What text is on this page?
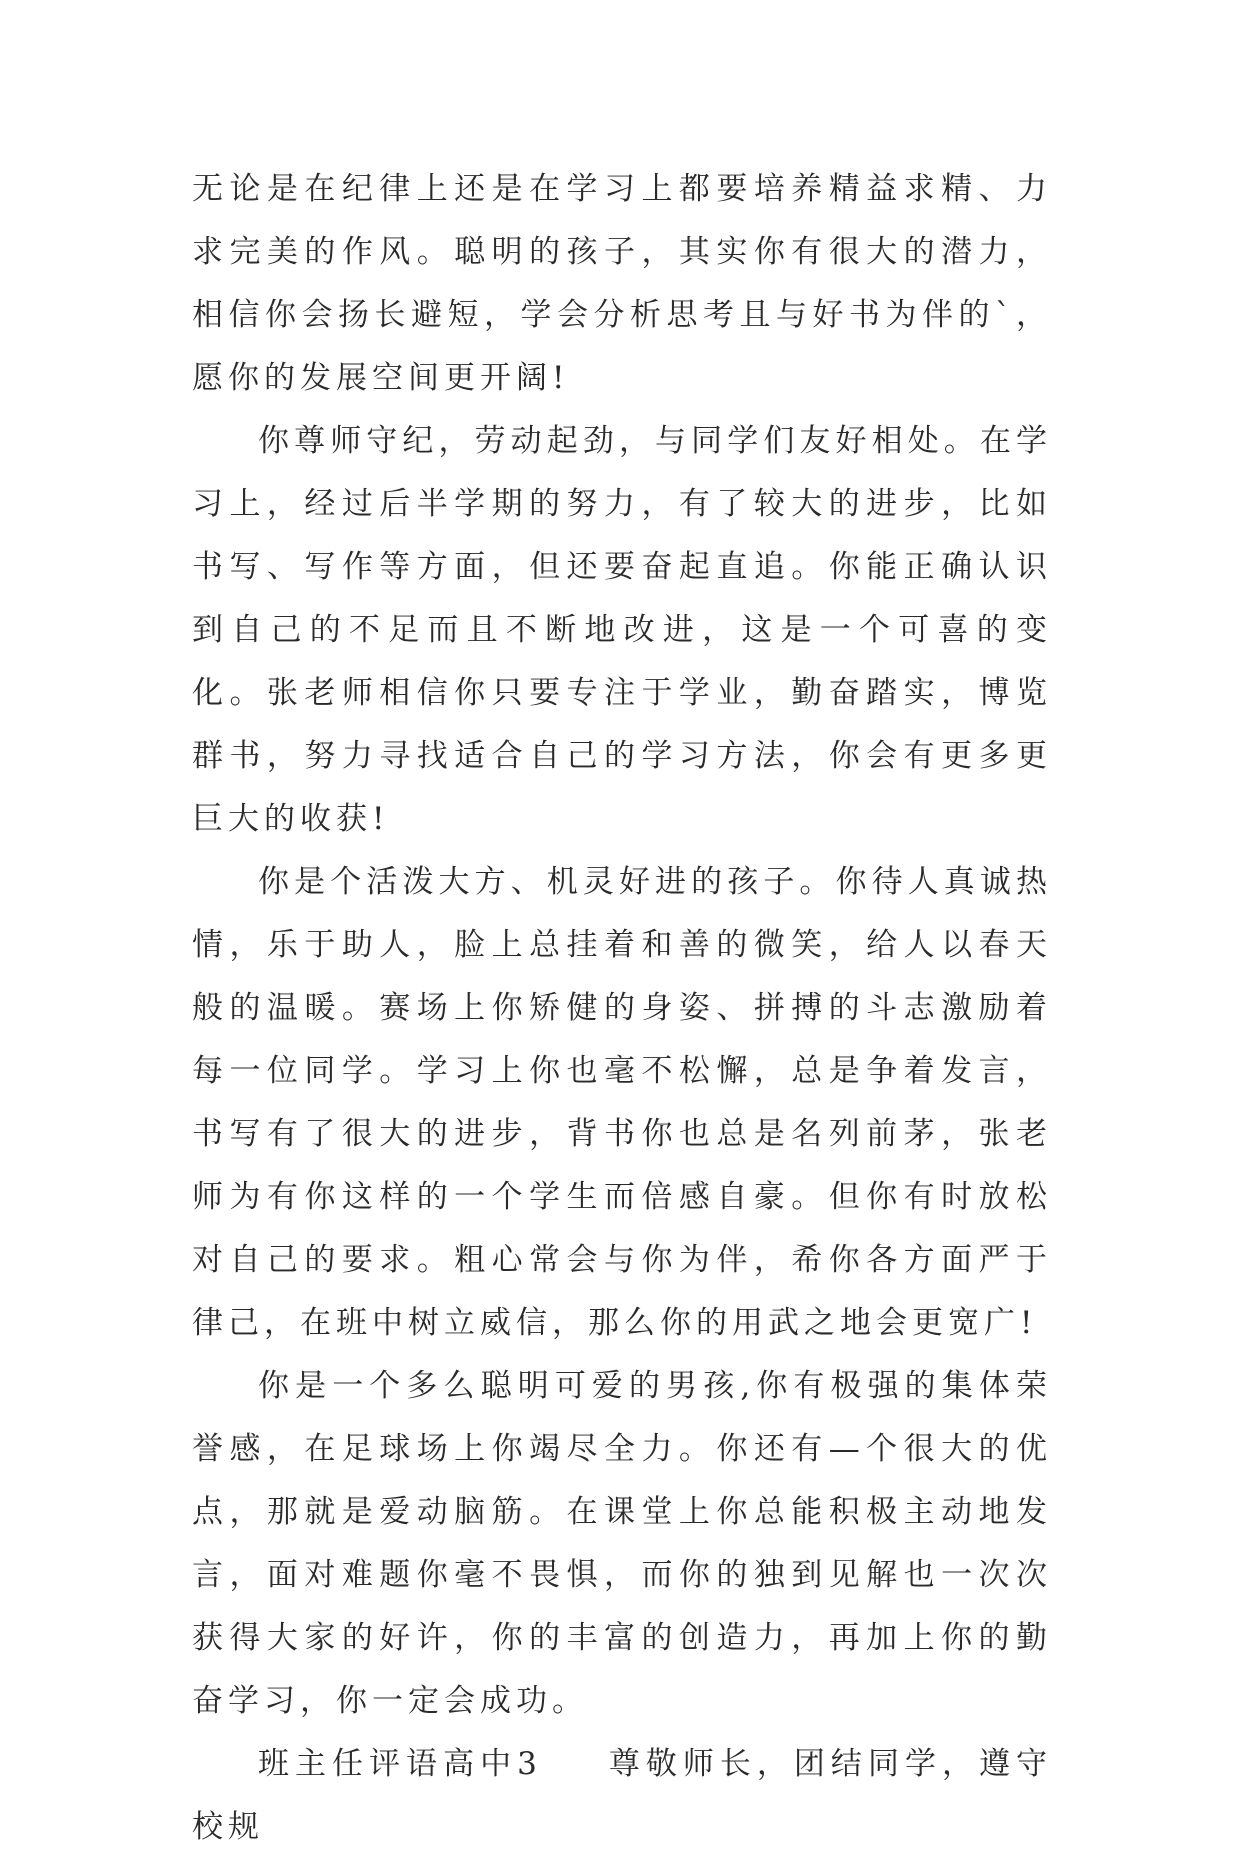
无论是在纪律上还是在学习上都要培养精益求精、力求完美的作风。聪明的孩子，其实你有很大的潜力，相信你会扬长避短，学会分析思考且与好书为伴的`，愿你的发展空间更开阔!

你尊师守纪，劳动起劲，与同学们友好相处。在学习上，经过后半学期的努力，有了较大的进步，比如书写、写作等方面，但还要奋起直追。你能正确认识到自己的不足而且不断地改进，这是一个可喜的变化。张老师相信你只要专注于学业，勤奋踏实，博览群书，努力寻找适合自己的学习方法，你会有更多更巨大的收获!

你是个活泼大方、机灵好进的孩子。你待人真诚热情，乐于助人，脸上总挂着和善的微笑，给人以春天般的温暖。赛场上你矫健的身姿、拼搏的斗志激励着每一位同学。学习上你也毫不松懈，总是争着发言，书写有了很大的进步，背书你也总是名列前茅，张老师为有你这样的一个学生而倍感自豪。但你有时放松对自己的要求。粗心常会与你为伴，希你各方面严于律己，在班中树立威信，那么你的用武之地会更宽广!

你是一个多么聪明可爱的男孩,你有极强的集体荣誉感，在足球场上你竭尽全力。你还有—个很大的优点，那就是爱动脑筋。在课堂上你总能积极主动地发言，面对难题你毫不畏惧，而你的独到见解也一次次获得大家的好许，你的丰富的创造力，再加上你的勤奋学习，你一定会成功。

班主任评语高中3 尊敬师长，团结同学，遵守校规
